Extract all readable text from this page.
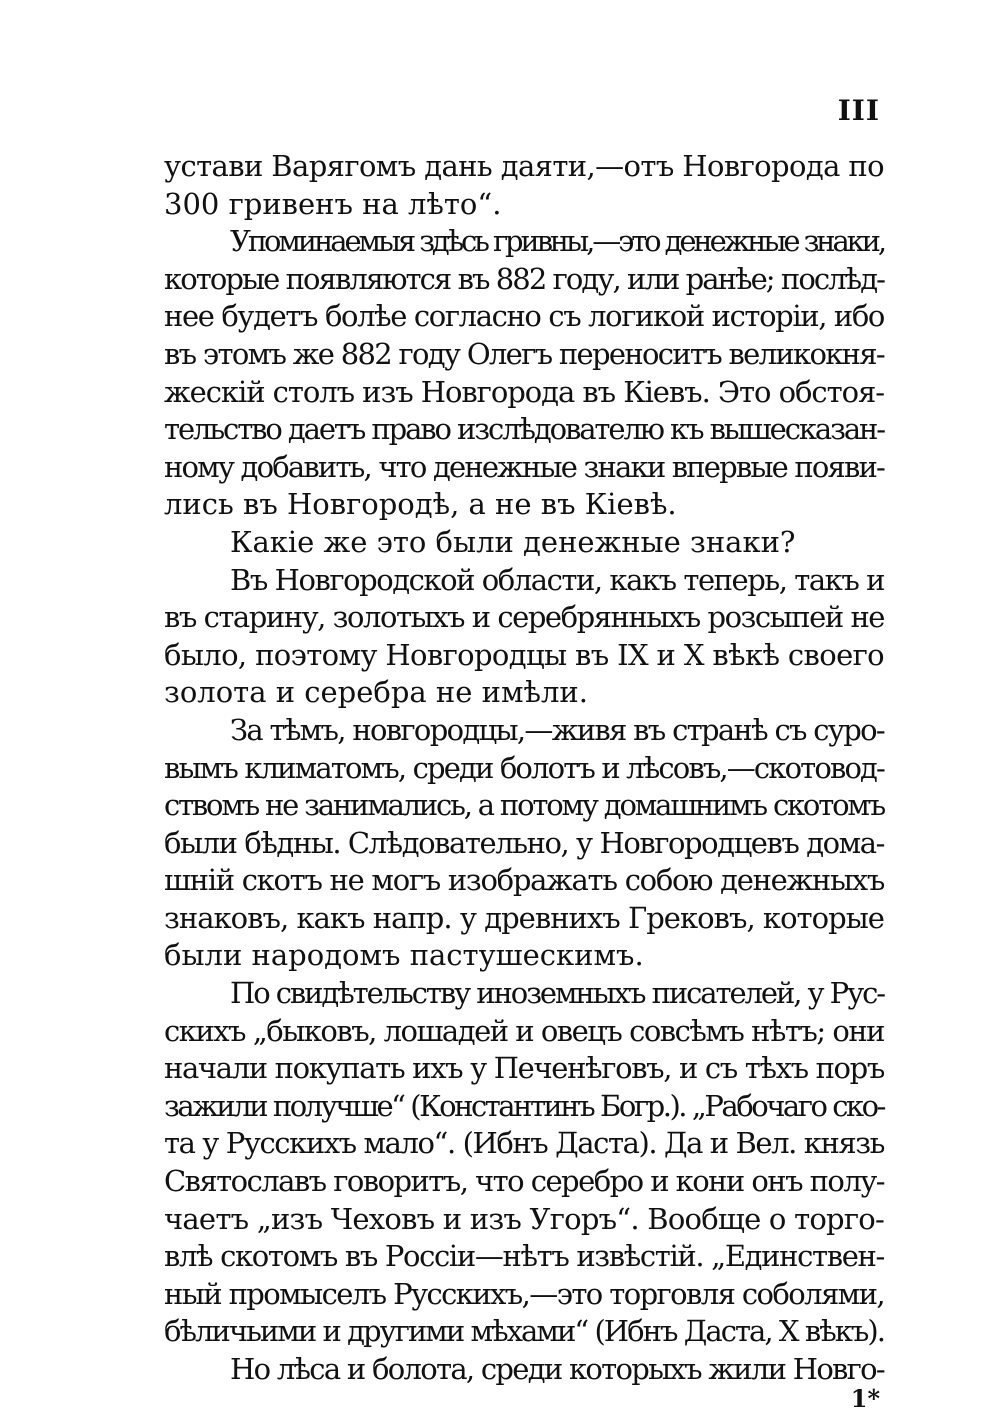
III
устави Варягомъ дань даяти,—отъ Новгорода по
300 гривенъ на лѣто“.
Упоминаемыя здѣсь гривны,—это денежные знаки,
которые появляются въ 882 году, или ранѣе; послѣд-
нее будетъ болѣе согласно съ логикой исторіи, ибо
въ этомъ же 882 году Олегъ переноситъ великокня-
жескій столъ изъ Новгорода въ Кіевъ. Это обстоя-
тельство даетъ право изслѣдователю къ вышесказан-
ному добавить, что денежные знаки впервые появи-
лись въ Новгородѣ, а не въ Кіевѣ.
Какіе же это были денежные знаки?
Въ Новгородской области, какъ теперь, такъ и
въ старину, золотыхъ и серебрянныхъ розсыпей не
было, поэтому Новгородцы въ IX и X вѣкѣ своего
золота и серебра не имѣли.
За тѣмъ, новгородцы,—живя въ странѣ съ суро-
вымъ климатомъ, среди болотъ и лѣсовъ,—скотовод-
ствомъ не занимались, а потому домашнимъ скотомъ
были бѣдны. Слѣдовательно, у Новгородцевъ дома-
шній скотъ не могъ изображать собою денежныхъ
знаковъ, какъ напр. у древнихъ Грековъ, которые
были народомъ пастушескимъ.
По свидѣтельству иноземныхъ писателей, у Рус-
скихъ „быковъ, лошадей и овецъ совсѣмъ нѣтъ; они
начали покупать ихъ у Печенѣговъ, и съ тѣхъ поръ
зажили получше“ (Константинъ Богр.). „Рабочаго ско-
та у Русскихъ мало“. (Ибнъ Даста). Да и Вел. князь
Святославъ говоритъ, что серебро и кони онъ полу-
чаетъ „изъ Чеховъ и изъ Угоръ“. Вообще о торго-
влѣ скотомъ въ Россіи—нѣтъ извѣстій. „Единствен-
ный промыселъ Русскихъ,—это торговля соболями,
бѣличьими и другими мѣхами“ (Ибнъ Даста, X вѣкъ).
Но лѣса и болота, среди которыхъ жили Новго-
1*
